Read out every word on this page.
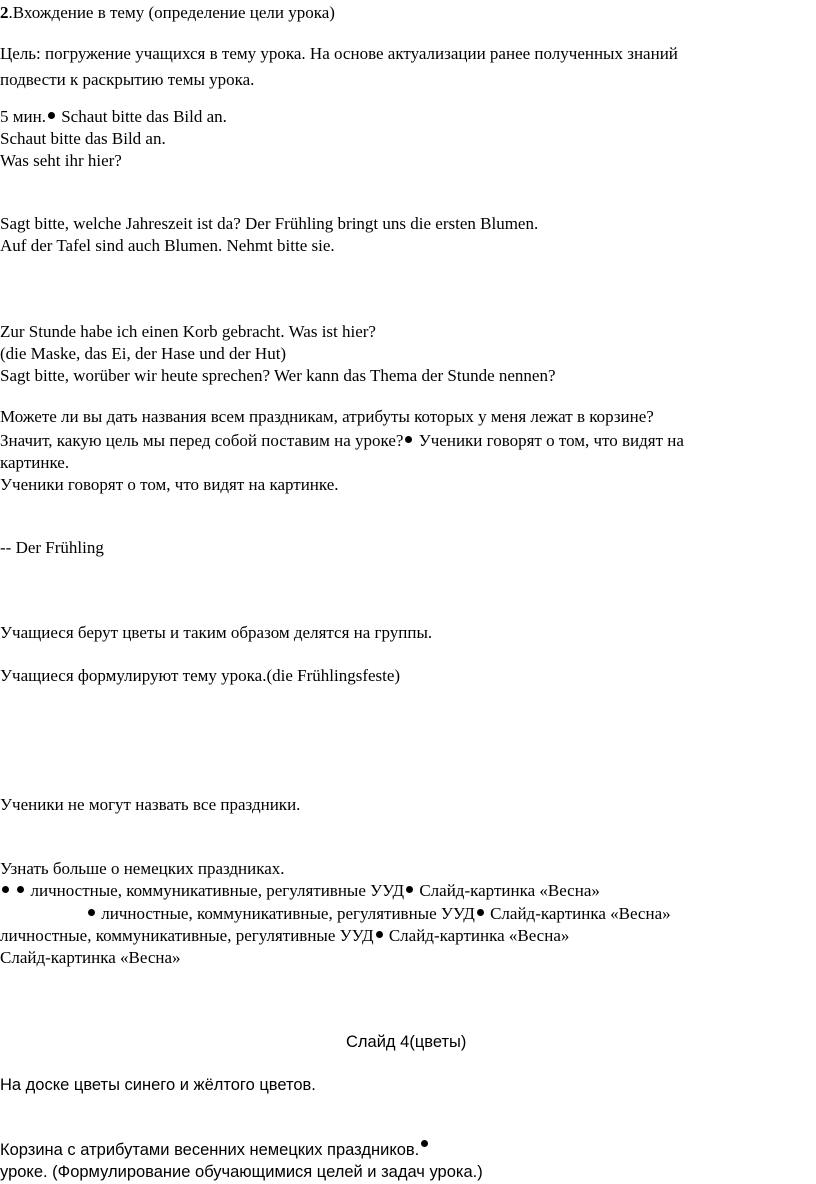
2.Вхождение в тему (определение цели урока)
Цель: погружение учащихся в тему урока. На основе актуализации ранее полученных знаний
подвести к раскрытию темы урока.
5 мин. Schaut bitte das Bild an.
Schaut bitte das Bild an.
Was seht ihr hier?
Sagt bitte, welche Jahreszeit ist da? Der Frühling bringt uns die ersten Blumen.
Auf der Tafel sind auch Blumen. Nehmt bitte sie.
Zur Stunde habe ich einen Korb gebracht. Was ist hier?
(die Maske, das Ei, der Hase und der Hut)
Sagt bitte, worüber wir heute sprechen? Wer kann das Thema der Stunde nennen?
Можете ли вы дать названия всем праздникам, атрибуты которых у меня лежат в корзине?
Значит, какую цель мы перед собой поставим на уроке? Ученики говорят о том, что видят на
картинке.
Ученики говорят о том, что видят на картинке.
-- Der Frühling
Учащиеся берут цветы и таким образом делятся на группы.
Учащиеся формулируют тему урока.(die Frühlingsfeste)
Ученики не могут назвать все праздники.
Узнать больше о немецких праздниках.
личностные, коммуникативные, регулятивные УУД Слайд-картинка «Весна»
личностные, коммуникативные, регулятивные УУД Слайд-картинка «Весна»
личностные, коммуникативные, регулятивные УУД Слайд-картинка «Весна»
Слайд-картинка «Весна»
Слайд 4(цветы)
На доске цветы синего и жёлтого цветов.
Корзина с атрибутами весенних немецких праздников.
уроке. (Формулирование обучающимися целей и задач урока.)
